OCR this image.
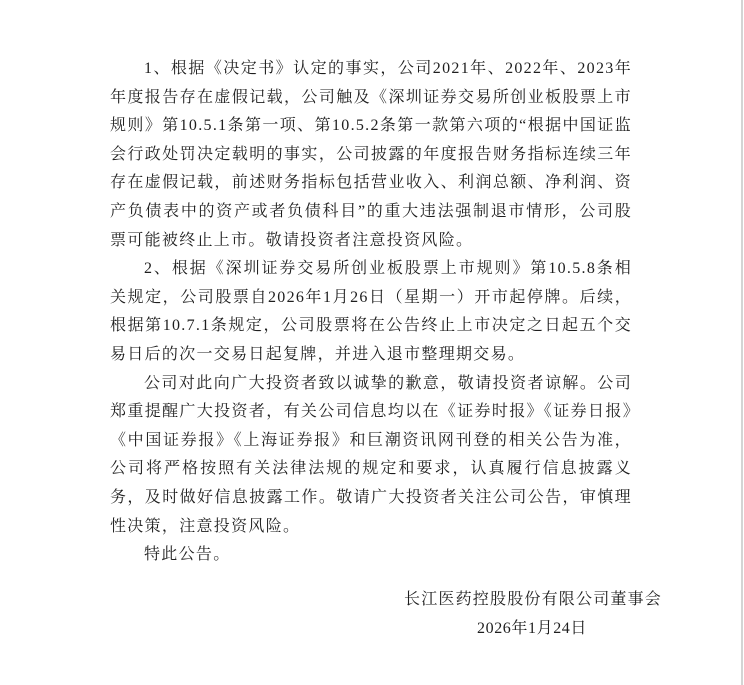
1、根据《决定书》认定的事实，公司2021年、2022年、2023年年度报告存在虚假记载，公司触及《深圳证券交易所创业板股票上市规则》第10.5.1条第一项、第10.5.2条第一款第六项的“根据中国证监会行政处罚决定载明的事实，公司披露的年度报告财务指标连续三年存在虚假记载，前述财务指标包括营业收入、利润总额、净利润、资产负债表中的资产或者负债科目”的重大违法强制退市情形，公司股票可能被终止上市。敬请投资者注意投资风险。

2、根据《深圳证券交易所创业板股票上市规则》第10.5.8条相关规定，公司股票自2026年1月26日（星期一）开市起停牌。后续，根据第10.7.1条规定，公司股票将在公告终止上市决定之日起五个交易日后的次一交易日起复牌，并进入退市整理期交易。

公司对此向广大投资者致以诚挚的歉意，敬请投资者谅解。公司郑重提醒广大投资者，有关公司信息均以在《证券时报》《证券日报》《中国证券报》《上海证券报》和巨潮资讯网刊登的相关公告为准，公司将严格按照有关法律法规的规定和要求，认真履行信息披露义务，及时做好信息披露工作。敬请广大投资者关注公司公告，审慎理性决策，注意投资风险。

特此公告。

长江医药控股股份有限公司董事会
2026年1月24日
